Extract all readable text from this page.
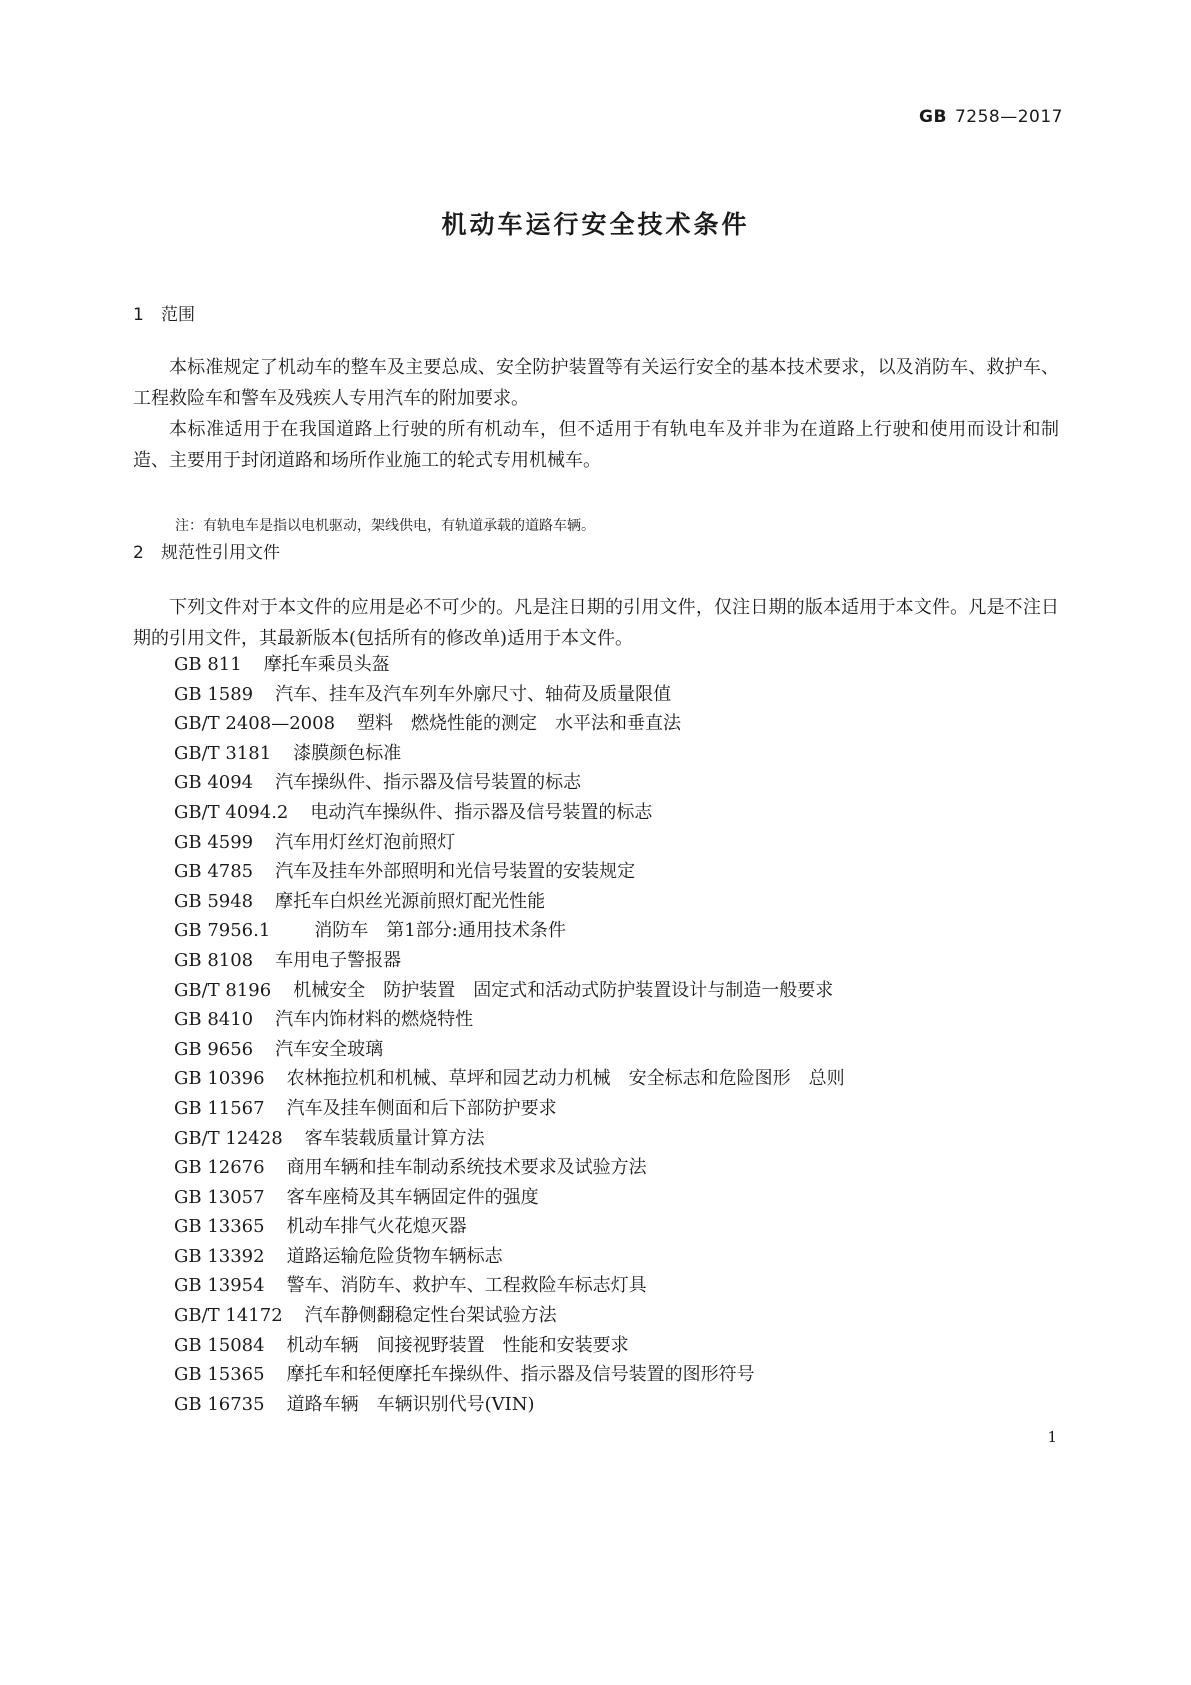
GB 7258—2017
机动车运行安全技术条件
1 范围

本标准规定了机动车的整车及主要总成、安全防护装置等有关运行安全的基本技术要求，以及消防车、救护车、工程救险车和警车及残疾人专用汽车的附加要求。

本标准适用于在我国道路上行驶的所有机动车，但不适用于有轨电车及并非为在道路上行驶和使用而设计和制造、主要用于封闭道路和场所作业施工的轮式专用机械车。

注：有轨电车是指以电机驱动，架线供电，有轨道承载的道路车辆。
2 规范性引用文件

下列文件对于本文件的应用是必不可少的。凡是注日期的引用文件，仅注日期的版本适用于本文件。凡是不注日期的引用文件，其最新版本(包括所有的修改单)适用于本文件。

GB 811 摩托车乘员头盔
GB 1589 汽车、挂车及汽车列车外廓尺寸、轴荷及质量限值
GB/T 2408—2008 塑料　燃烧性能的测定　水平法和垂直法
GB/T 3181 漆膜颜色标准
GB 4094 汽车操纵件、指示器及信号装置的标志
GB/T 4094.2 电动汽车操纵件、指示器及信号装置的标志
GB 4599 汽车用灯丝灯泡前照灯
GB 4785 汽车及挂车外部照明和光信号装置的安装规定
GB 5948 摩托车白炽丝光源前照灯配光性能
GB 7956.1 消防车　第1部分:通用技术条件
GB 8108 车用电子警报器
GB/T 8196 机械安全　防护装置　固定式和活动式防护装置设计与制造一般要求
GB 8410 汽车内饰材料的燃烧特性
GB 9656 汽车安全玻璃
GB 10396 农林拖拉机和机械、草坪和园艺动力机械　安全标志和危险图形　总则
GB 11567 汽车及挂车侧面和后下部防护要求
GB/T 12428 客车装载质量计算方法
GB 12676 商用车辆和挂车制动系统技术要求及试验方法
GB 13057 客车座椅及其车辆固定件的强度
GB 13365 机动车排气火花熄灭器
GB 13392 道路运输危险货物车辆标志
GB 13954 警车、消防车、救护车、工程救险车标志灯具
GB/T 14172 汽车静侧翻稳定性台架试验方法
GB 15084 机动车辆　间接视野装置　性能和安装要求
GB 15365 摩托车和轻便摩托车操纵件、指示器及信号装置的图形符号
GB 16735 道路车辆　车辆识别代号(VIN)
1
